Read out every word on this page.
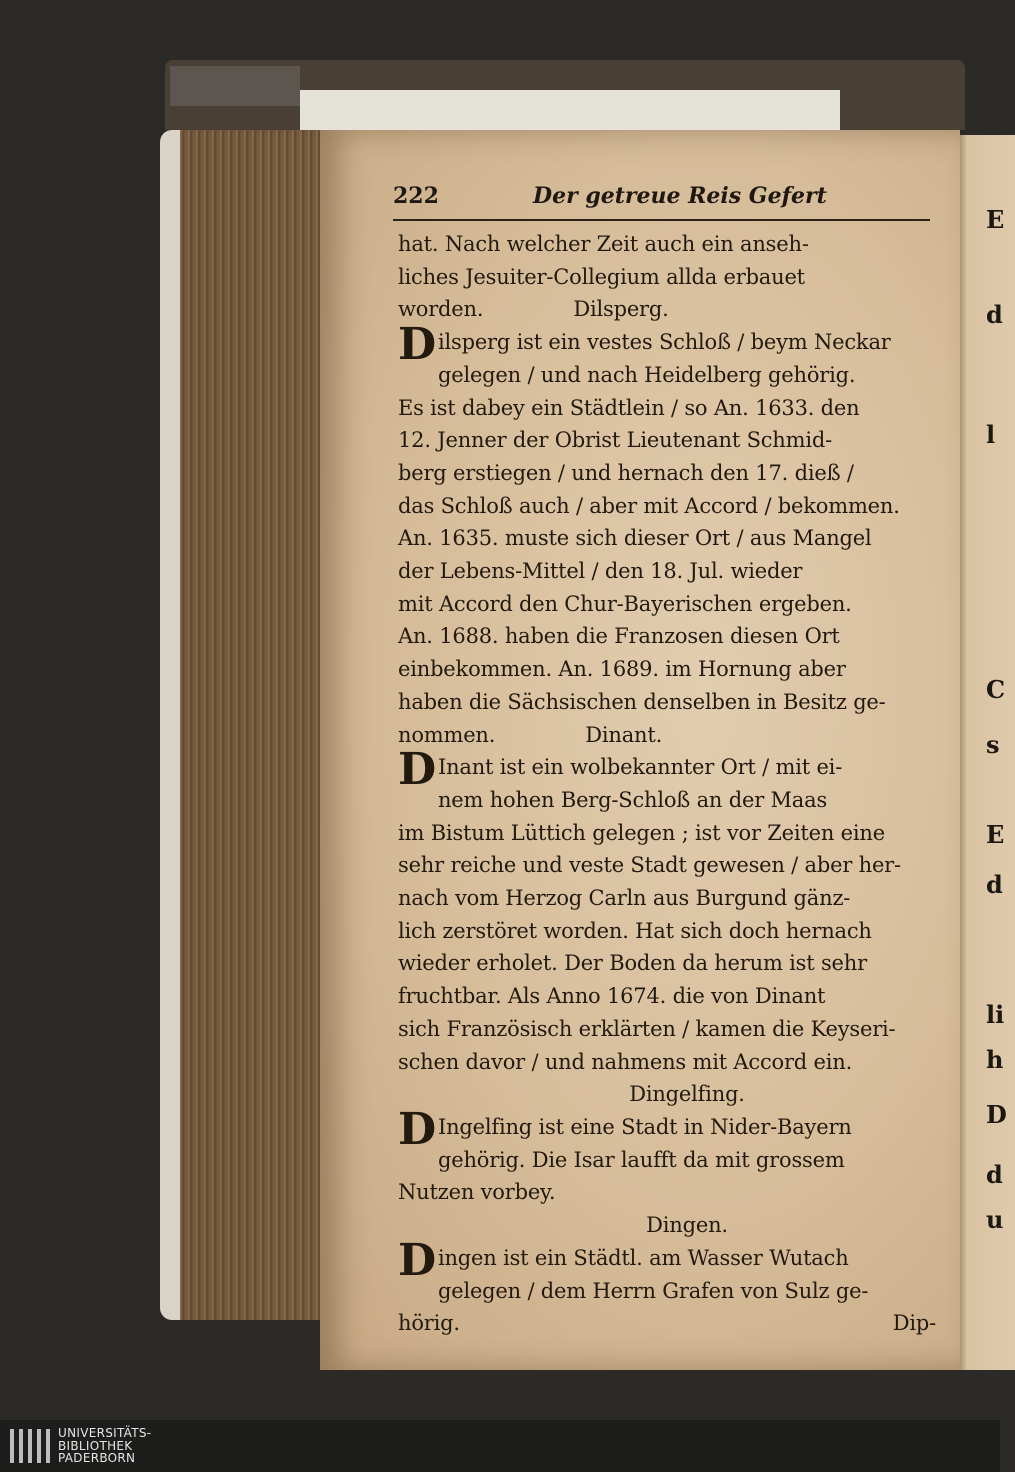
222	Der getreue Reis Gefert
hat. Nach welcher Zeit auch ein anseh-
liches Jesuiter-Collegium allda erbauet
worden.	Dilsperg.
Dilsperg ist ein vestes Schloß / beym Neckar
gelegen / und nach Heidelberg gehörig.
Es ist dabey ein Städtlein / so An. 1633. den
12. Jenner der Obrist Lieutenant Schmid-
berg erstiegen / und hernach den 17. dieß /
das Schloß auch / aber mit Accord / bekommen.
An. 1635. muste sich dieser Ort / aus Mangel
der Lebens-Mittel / den 18. Jul. wieder
mit Accord den Chur-Bayerischen ergeben.
An. 1688. haben die Franzosen diesen Ort
einbekommen. An. 1689. im Hornung aber
haben die Sächsischen denselben in Besitz ge-
nommen.	Dinant.
D Inant ist ein wolbekannter Ort / mit ei-
nem hohen Berg-Schloß an der Maas
im Bistum Lüttich gelegen ; ist vor Zeiten eine
sehr reiche und veste Stadt gewesen / aber her-
nach vom Herzog Carln aus Burgund gänz-
lich zerstöret worden. Hat sich doch hernach
wieder erholet. Der Boden da herum ist sehr
fruchtbar. Als Anno 1674. die von Dinant
sich Französisch erklärten / kamen die Keyseri-
schen davor / und nahmens mit Accord ein.
Dingelfing.
D Ingelfing ist eine Stadt in Nider-Bayern
gehörig. Die Isar laufft da mit grossem
Nutzen vorbey.
Dingen.
Dingen ist ein Städtl. am Wasser Wutach
gelegen / dem Herrn Grafen von Sulz ge-
hörig.	Dip-
E
d
l
C
s
E
d
li
h
D
d
u
UNIVERSITÄTS-
BIBLIOTHEK
PADERBORN
